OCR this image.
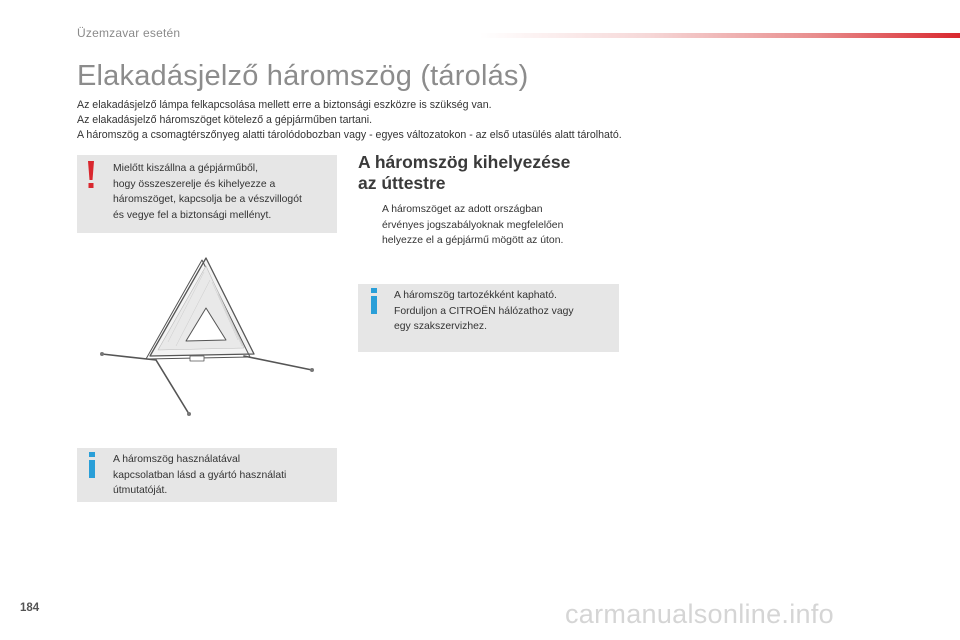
Üzemzavar esetén
Elakadásjelző háromszög (tárolás)
Az elakadásjelző lámpa felkapcsolása mellett erre a biztonsági eszközre is szükség van.
Az elakadásjelző háromszöget kötelező a gépjárműben tartani.
A háromszög a csomagtérszőnyeg alatti tárolódobozban vagy - egyes változatokon - az első utasülés alatt tárolható.
Mielőtt kiszállna a gépjárműből,
hogy összeszerelje és kihelyezze a
háromszöget, kapcsolja be a vészvillogót
és vegye fel a biztonsági mellényt.
A háromszög használatával
kapcsolatban lásd a gyártó használati
útmutatóját.
A háromszög kihelyezése
az úttestre
A háromszöget az adott országban
érvényes jogszabályoknak megfelelően
helyezze el a gépjármű mögött az úton.
A háromszög tartozékként kapható.
Forduljon a CITROËN hálózathoz vagy
egy szakszervizhez.
184	carmanualsonline.info
